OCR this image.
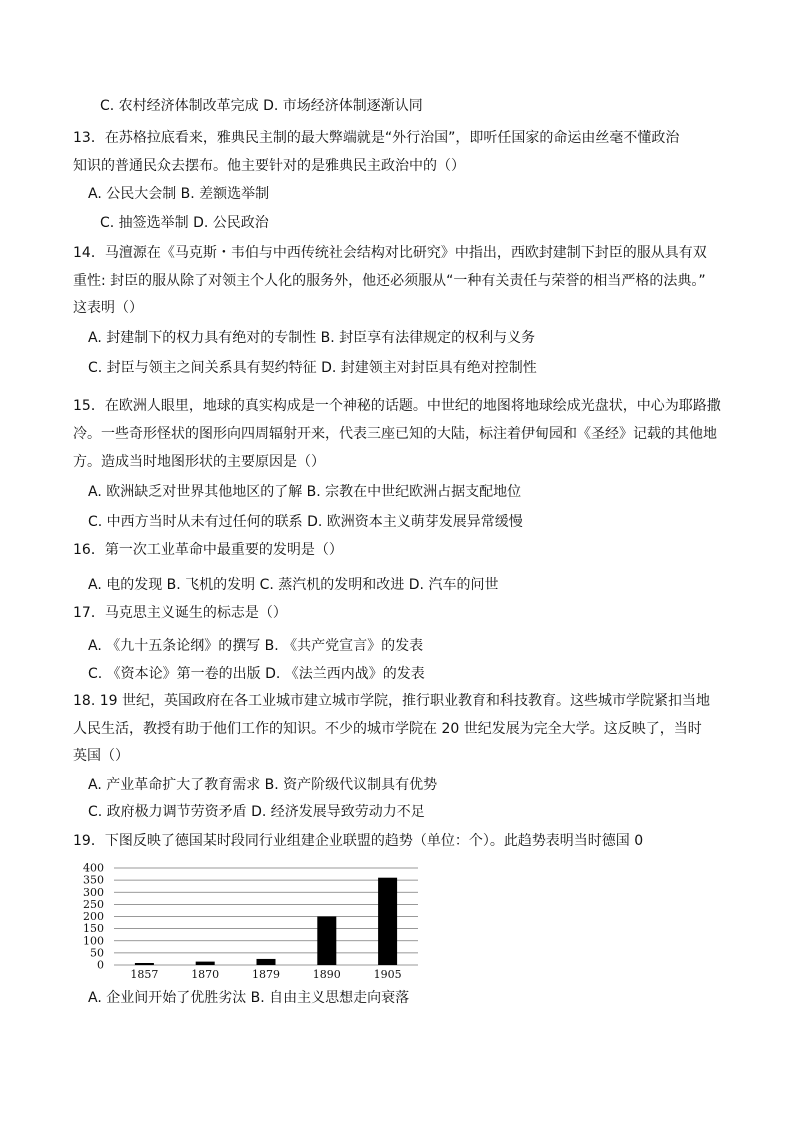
C. 农村经济体制改革完成 D. 市场经济体制逐渐认同
13．在苏格拉底看来，雅典民主制的最大弊端就是“外行治国”，即听任国家的命运由丝毫不懂政治
知识的普通民众去摆布。他主要针对的是雅典民主政治中的（）
A. 公民大会制 B. 差额选举制
C. 抽签选举制 D. 公民政治
14．马澶源在《马克斯・韦伯与中西传统社会结构对比研究》中指出，西欧封建制下封臣的服从具有双
重性: 封臣的服从除了对领主个人化的服务外，他还必须服从“一种有关责任与荣誉的相当严格的法典。”
这表明（）
A. 封建制下的权力具有绝对的专制性 B. 封臣享有法律规定的权利与义务
C. 封臣与领主之间关系具有契约特征 D. 封建领主对封臣具有绝对控制性
15．在欧洲人眼里，地球的真实构成是一个神秘的话题。中世纪的地图将地球绘成光盘状，中心为耶路撒
冷。一些奇形怪状的图形向四周辐射开来，代表三座已知的大陆，标注着伊甸园和《圣经》记载的其他地
方。造成当时地图形状的主要原因是（）
A. 欧洲缺乏对世界其他地区的了解 B. 宗教在中世纪欧洲占据支配地位
C. 中西方当时从未有过任何的联系 D. 欧洲资本主义萌芽发展异常缓慢
16．第一次工业革命中最重要的发明是（）
A. 电的发现 B. 飞机的发明 C. 蒸汽机的发明和改进 D. 汽车的问世
17．马克思主义诞生的标志是（）
A. 《九十五条论纲》的撰写 B. 《共产党宣言》的发表
C. 《资本论》第一卷的出版 D. 《法兰西内战》的发表
18. 19 世纪，英国政府在各工业城市建立城市学院，推行职业教育和科技教育。这些城市学院紧扣当地
人民生活，教授有助于他们工作的知识。不少的城市学院在 20 世纪发展为完全大学。这反映了，当时
英国（）
A. 产业革命扩大了教育需求 B. 资产阶级代议制具有优势
C. 政府极力调节劳资矛盾 D. 经济发展导致劳动力不足
19．下图反映了德国某时段同行业组建企业联盟的趋势（单位：个）。此趋势表明当时德国 0
0
50
100
150
200
250
300
350
400
1857	1870	1879	1890	1905
A. 企业间开始了优胜劣汰 B. 自由主义思想走向衰落
